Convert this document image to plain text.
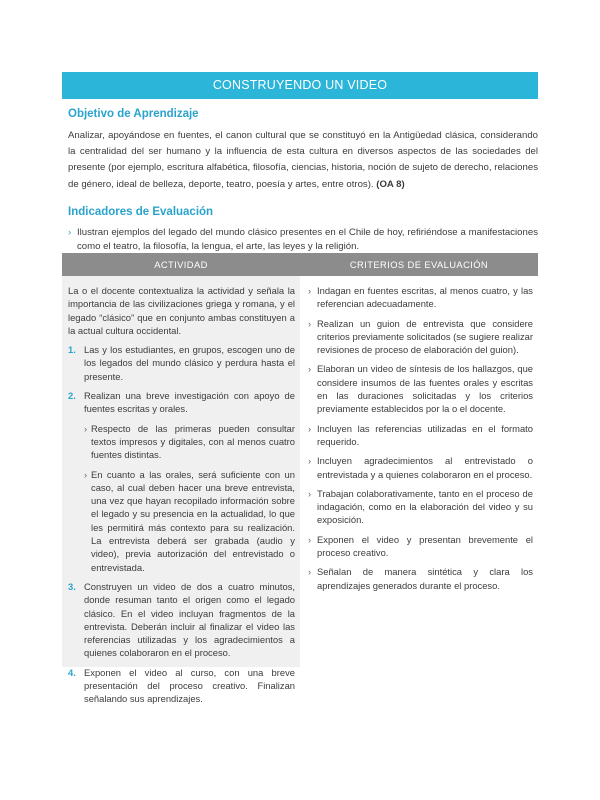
CONSTRUYENDO UN VIDEO
Objetivo de Aprendizaje
Analizar, apoyándose en fuentes, el canon cultural que se constituyó en la Antigüedad clásica, considerando la centralidad del ser humano y la influencia de esta cultura en diversos aspectos de las sociedades del presente (por ejemplo, escritura alfabética, filosofía, ciencias, historia, noción de sujeto de derecho, relaciones de género, ideal de belleza, deporte, teatro, poesía y artes, entre otros). (OA 8)
Indicadores de Evaluación
› Ilustran ejemplos del legado del mundo clásico presentes en el Chile de hoy, refiriéndose a manifestaciones como el teatro, la filosofía, la lengua, el arte, las leyes y la religión.
ACTIVIDAD	CRITERIOS DE EVALUACIÓN
La o el docente contextualiza la actividad y señala la importancia de las civilizaciones griega y romana, y el legado “clásico” que en conjunto ambas constituyen a la actual cultura occidental.
1. Las y los estudiantes, en grupos, escogen uno de los legados del mundo clásico y perdura hasta el presente.
2. Realizan una breve investigación con apoyo de fuentes escritas y orales.
› Respecto de las primeras pueden consultar textos impresos y digitales, con al menos cuatro fuentes distintas.
› En cuanto a las orales, será suficiente con un caso, al cual deben hacer una breve entrevista, una vez que hayan recopilado información sobre el legado y su presencia en la actualidad, lo que les permitirá más contexto para su realización. La entrevista deberá ser grabada (audio y video), previa autorización del entrevistado o entrevistada.
3. Construyen un video de dos a cuatro minutos, donde resuman tanto el origen como el legado clásico. En el video incluyan fragmentos de la entrevista. Deberán incluir al finalizar el video las referencias utilizadas y los agradecimientos a quienes colaboraron en el proceso.
4. Exponen el video al curso, con una breve presentación del proceso creativo. Finalizan señalando sus aprendizajes.
› Indagan en fuentes escritas, al menos cuatro, y las referencian adecuadamente.
› Realizan un guion de entrevista que considere criterios previamente solicitados (se sugiere realizar revisiones de proceso de elaboración del guion).
› Elaboran un video de síntesis de los hallazgos, que considere insumos de las fuentes orales y escritas en las duraciones solicitadas y los criterios previamente establecidos por la o el docente.
› Incluyen las referencias utilizadas en el formato requerido.
› Incluyen agradecimientos al entrevistado o entrevistada y a quienes colaboraron en el proceso.
› Trabajan colaborativamente, tanto en el proceso de indagación, como en la elaboración del video y su exposición.
› Exponen el video y presentan brevemente el proceso creativo.
› Señalan de manera sintética y clara los aprendizajes generados durante el proceso.
